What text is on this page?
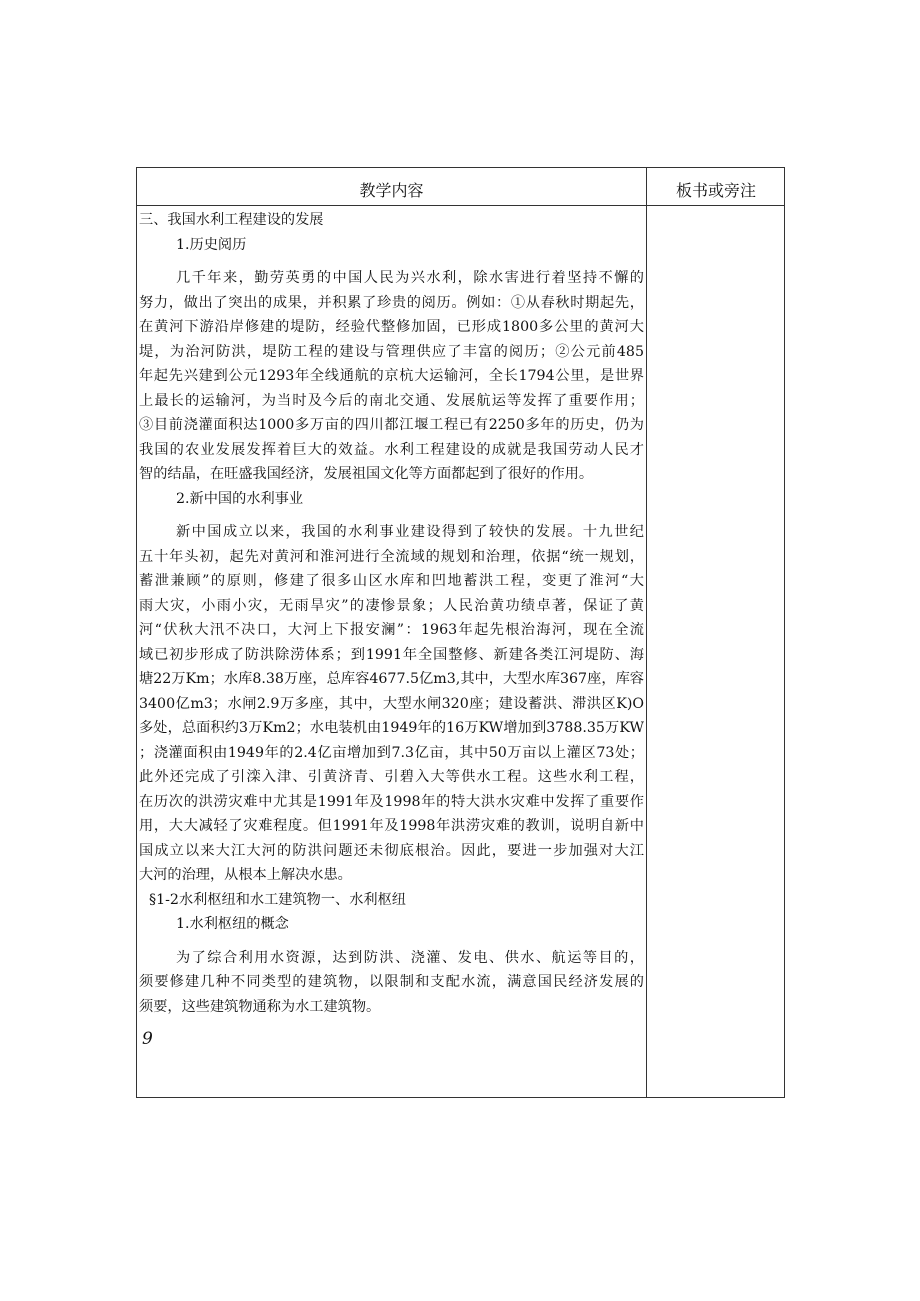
教学内容	板书或旁注
三、我国水利工程建设的发展
1.历史阅历
几千年来，勤劳英勇的中国人民为兴水利，除水害进行着坚持不懈的
努力，做出了突出的成果，并积累了珍贵的阅历。例如：①从春秋时期起先，
在黄河下游沿岸修建的堤防，经验代整修加固，已形成1800多公里的黄河大
堤，为治河防洪，堤防工程的建设与管理供应了丰富的阅历；②公元前485
年起先兴建到公元1293年全线通航的京杭大运输河，全长1794公里，是世界
上最长的运输河，为当时及今后的南北交通、发展航运等发挥了重要作用；
③目前浇灌面积达1000多万亩的四川都江堰工程已有2250多年的历史，仍为
我国的农业发展发挥着巨大的效益。水利工程建设的成就是我国劳动人民才
智的结晶，在旺盛我国经济，发展祖国文化等方面都起到了很好的作用。
2.新中国的水利事业
新中国成立以来，我国的水利事业建设得到了较快的发展。十九世纪
五十年头初，起先对黄河和淮河进行全流域的规划和治理，依据“统一规划，
蓄泄兼顾”的原则，修建了很多山区水库和凹地蓄洪工程，变更了淮河“大
雨大灾，小雨小灾，无雨旱灾”的凄惨景象；人民治黄功绩卓著，保证了黄
河“伏秋大汛不决口，大河上下报安澜”：1963年起先根治海河，现在全流
域已初步形成了防洪除涝体系；到1991年全国整修、新建各类江河堤防、海
塘22万Km；水库8.38万座，总库容4677.5亿m3,其中，大型水库367座，库容
3400亿m3；水闸2.9万多座，其中，大型水闸320座；建设蓄洪、滞洪区K)O
多处，总面积约3万Km2；水电装机由1949年的16万KW增加到3788.35万KW
；浇灌面积由1949年的2.4亿亩增加到7.3亿亩，其中50万亩以上灌区73处；
此外还完成了引滦入津、引黄济青、引碧入大等供水工程。这些水利工程，
在历次的洪涝灾难中尤其是1991年及1998年的特大洪水灾难中发挥了重要作
用，大大减轻了灾难程度。但1991年及1998年洪涝灾难的教训，说明自新中
国成立以来大江大河的防洪问题还未彻底根治。因此，要进一步加强对大江
大河的治理，从根本上解决水患。
§1-2水利枢纽和水工建筑物一、水利枢纽
1.水利枢纽的概念
为了综合利用水资源，达到防洪、浇灌、发电、供水、航运等目的，
须要修建几种不同类型的建筑物，以限制和支配水流，满意国民经济发展的
须要，这些建筑物通称为水工建筑物。
9
